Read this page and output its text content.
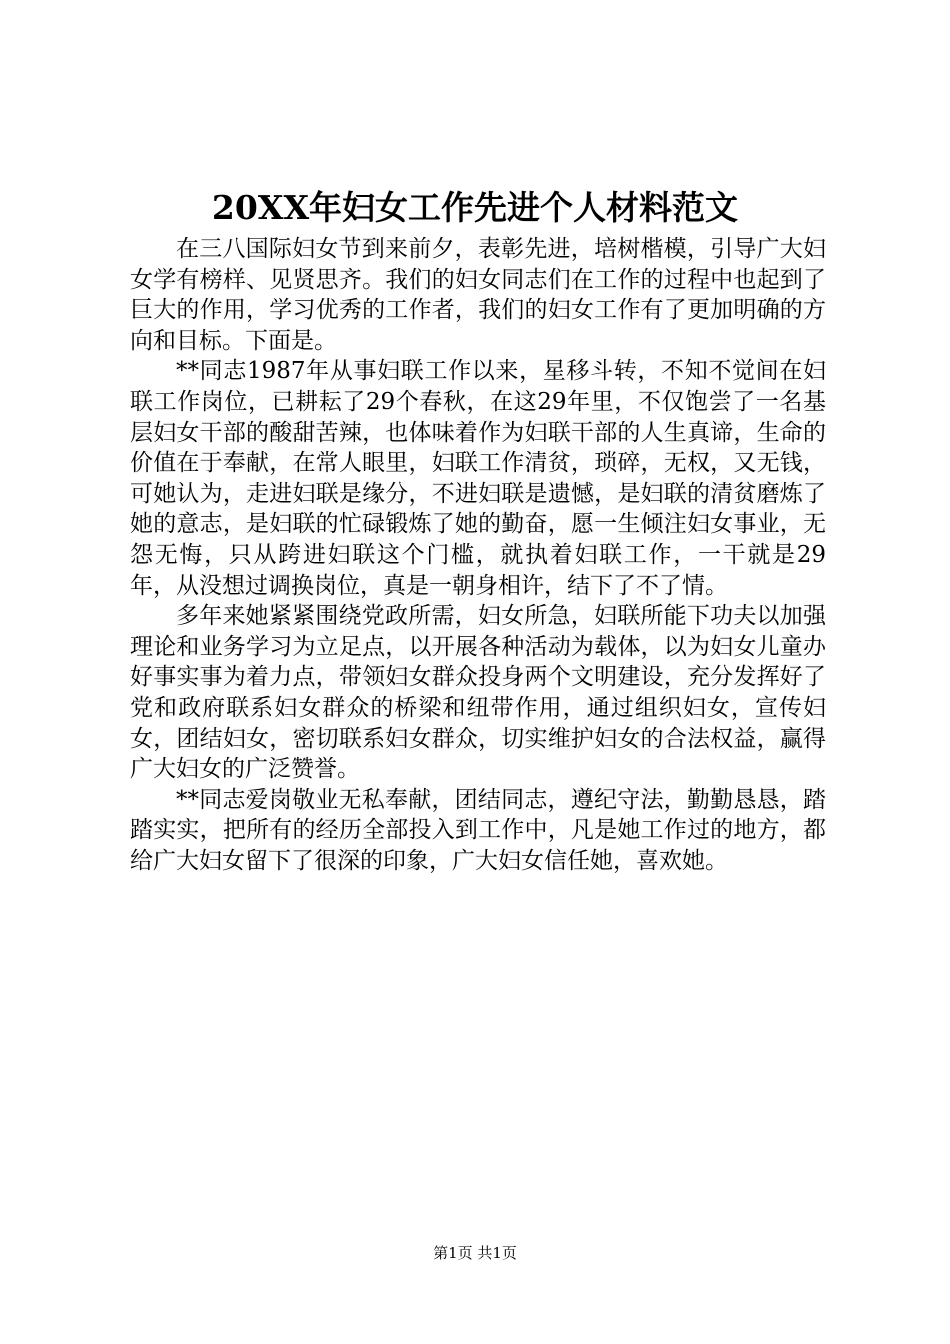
20XX年妇女工作先进个人材料范文

在三八国际妇女节到来前夕，表彰先进，培树楷模，引导广大妇女学有榜样、见贤思齐。我们的妇女同志们在工作的过程中也起到了巨大的作用，学习优秀的工作者，我们的妇女工作有了更加明确的方向和目标。下面是。

**同志1987年从事妇联工作以来，星移斗转，不知不觉间在妇联工作岗位，已耕耘了29个春秋，在这29年里，不仅饱尝了一名基层妇女干部的酸甜苦辣，也体味着作为妇联干部的人生真谛，生命的价值在于奉献，在常人眼里，妇联工作清贫，琐碎，无权，又无钱，可她认为，走进妇联是缘分，不进妇联是遗憾，是妇联的清贫磨炼了她的意志，是妇联的忙碌锻炼了她的勤奋，愿一生倾注妇女事业，无怨无悔，只从跨进妇联这个门槛，就执着妇联工作，一干就是29年，从没想过调换岗位，真是一朝身相许，结下了不了情。

多年来她紧紧围绕党政所需，妇女所急，妇联所能下功夫以加强理论和业务学习为立足点，以开展各种活动为载体，以为妇女儿童办好事实事为着力点，带领妇女群众投身两个文明建设，充分发挥好了党和政府联系妇女群众的桥梁和纽带作用，通过组织妇女，宣传妇女，团结妇女，密切联系妇女群众，切实维护妇女的合法权益，赢得广大妇女的广泛赞誉。

**同志爱岗敬业无私奉献，团结同志，遵纪守法，勤勤恳恳，踏踏实实，把所有的经历全部投入到工作中，凡是她工作过的地方，都给广大妇女留下了很深的印象，广大妇女信任她，喜欢她。

第1页 共1页
